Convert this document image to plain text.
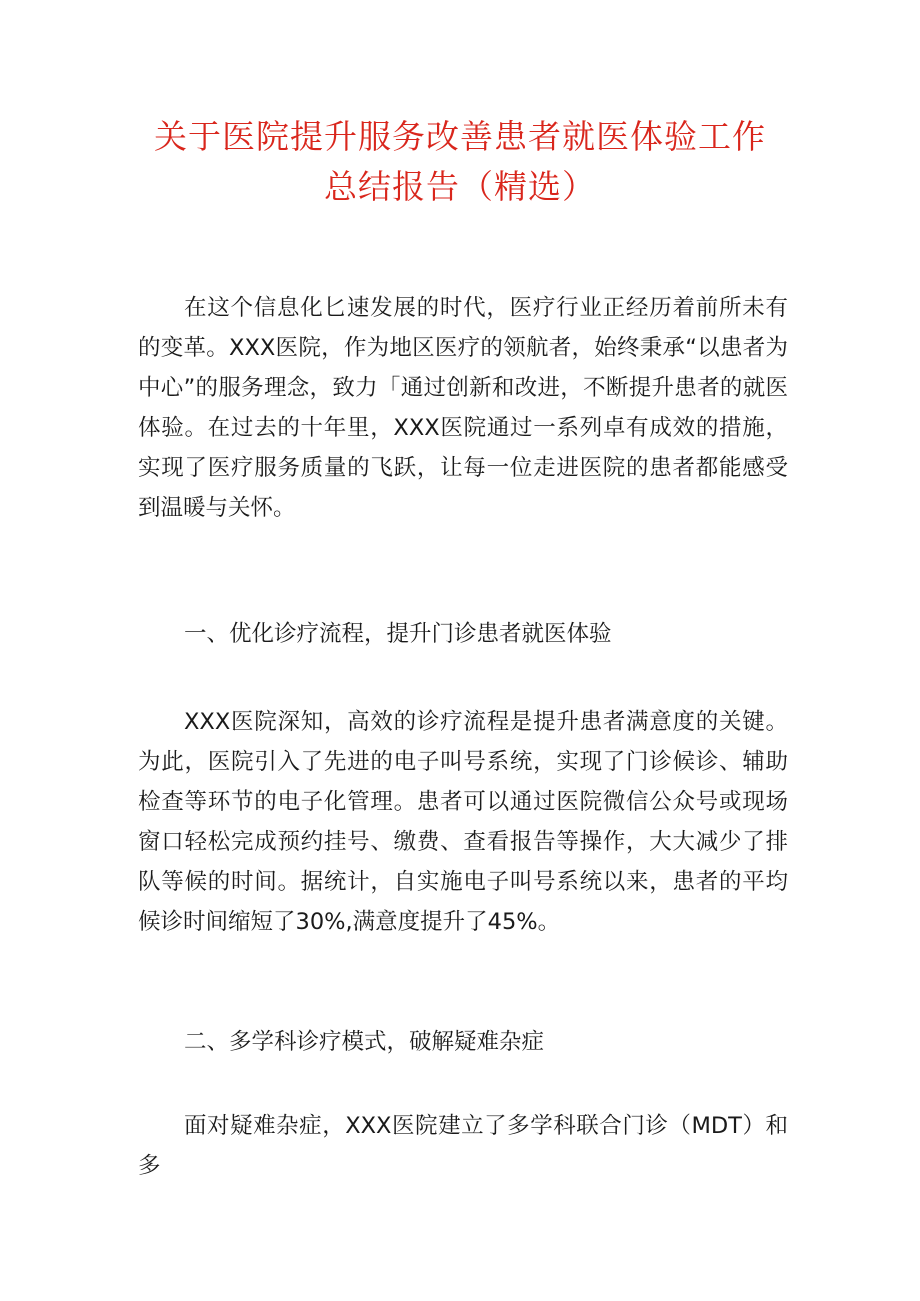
关于医院提升服务改善患者就医体验工作
总结报告（精选）

在这个信息化匕速发展的时代，医疗行业正经历着前所未有的变革。XXX医院，作为地区医疗的领航者，始终秉承“以患者为中心”的服务理念，致力「通过创新和改进，不断提升患者的就医体验。在过去的十年里，XXX医院通过一系列卓有成效的措施，实现了医疗服务质量的飞跃，让每一位走进医院的患者都能感受到温暖与关怀。

一、优化诊疗流程，提升门诊患者就医体验

XXX医院深知，高效的诊疗流程是提升患者满意度的关键。为此，医院引入了先进的电子叫号系统，实现了门诊候诊、辅助检查等环节的电子化管理。患者可以通过医院微信公众号或现场窗口轻松完成预约挂号、缴费、查看报告等操作，大大减少了排队等候的时间。据统计，自实施电子叫号系统以来，患者的平均候诊时间缩短了30%,满意度提升了45%。

二、多学科诊疗模式，破解疑难杂症

面对疑难杂症，XXX医院建立了多学科联合门诊（MDT）和多
